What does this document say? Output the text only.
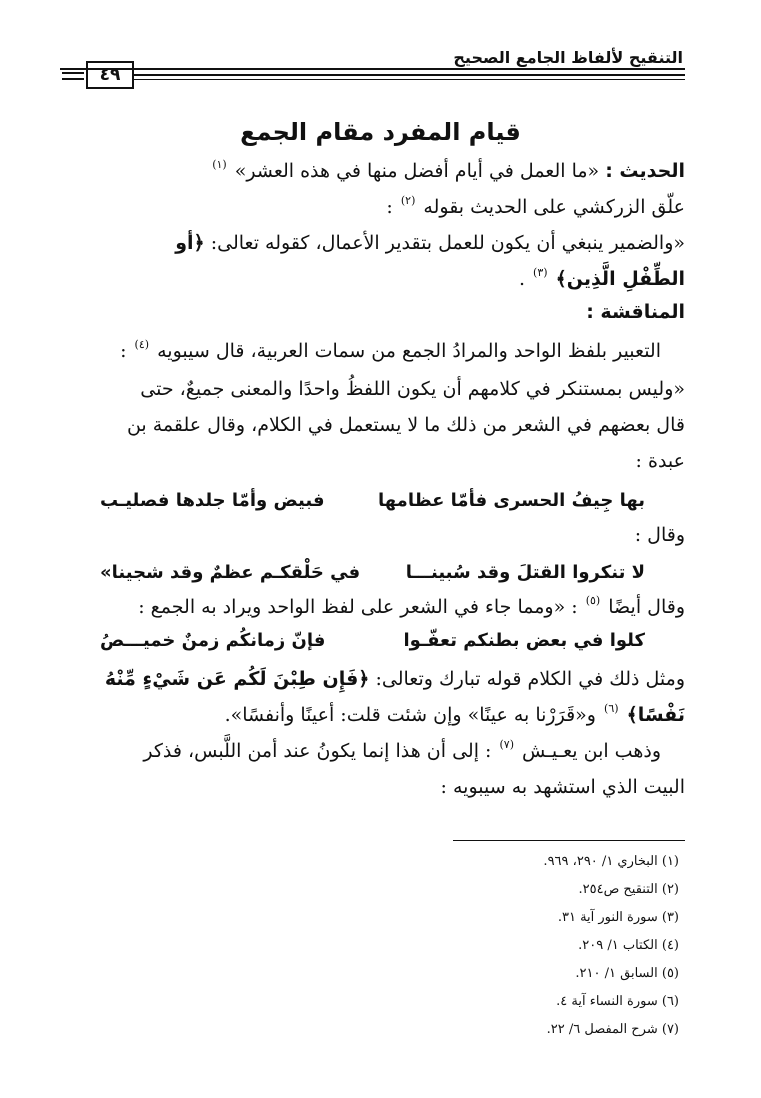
التنقيح لألفاظ الجامع الصحيح
٤٩
قيام المفرد مقام الجمع
الحديث : «ما العمل في أيام أفضل منها في هذه العشر» $^{(١)}$
علّق الزركشي على الحديث بقوله $^{(٢)}$ :
«والضمير ينبغي أن يكون للعمل بتقدير الأعمال، كقوله تعالى: ﴿أو
الطِّفْلِ الَّذِين﴾ $^{(٣)}$ .
المناقشة :
التعبير بلفظ الواحد والمرادُ الجمع من سمات العربية، قال سيبويه $^{(٤)}$ :
«وليس بمستنكر في كلامهم أن يكون اللفظُ واحدًا والمعنى جميعٌ، حتى
قال بعضهم في الشعر من ذلك ما لا يستعمل في الكلام، وقال علقمة بن
عبدة :
بها جِيفُ الحسرى فأمّا عظامها
فبيض وأمّا جلدها فصليـب
وقال :
لا تنكروا القتلَ وقد سُبينـــا
في حَلْقكـم عظمٌ وقد شجينا»
وقال أيضًا $^{(٥)}$ : «ومما جاء في الشعر على لفظ الواحد ويراد به الجمع :
كلوا في بعض بطنكم تعفّـوا
فإنّ زمانكُم زمنٌ خميـــصُ
ومثل ذلك في الكلام قوله تبارك وتعالى: ﴿فَإِن طِبْنَ لَكُم عَن شَيْءٍ مِّنْهُ
نَفْسًا﴾ $^{(٦)}$ و«قَرَرْنا به عينًا» وإن شئت قلت: أعينًا وأنفسًا».
وذهب ابن يعـيـش $^{(٧)}$ : إلى أن هذا إنما يكونُ عند أمن اللَّبس، فذكر
البيت الذي استشهد به سيبويه :
(١) البخاري ١/ ٢٩٠، ٩٦٩.
(٢) التنقيح ص٢٥٤.
(٣) سورة النور آية ٣١.
(٤) الكتاب ١/ ٢٠٩.
(٥) السابق ١/ ٢١٠.
(٦) سورة النساء آية ٤.
(٧) شرح المفصل ٦/ ٢٢.
